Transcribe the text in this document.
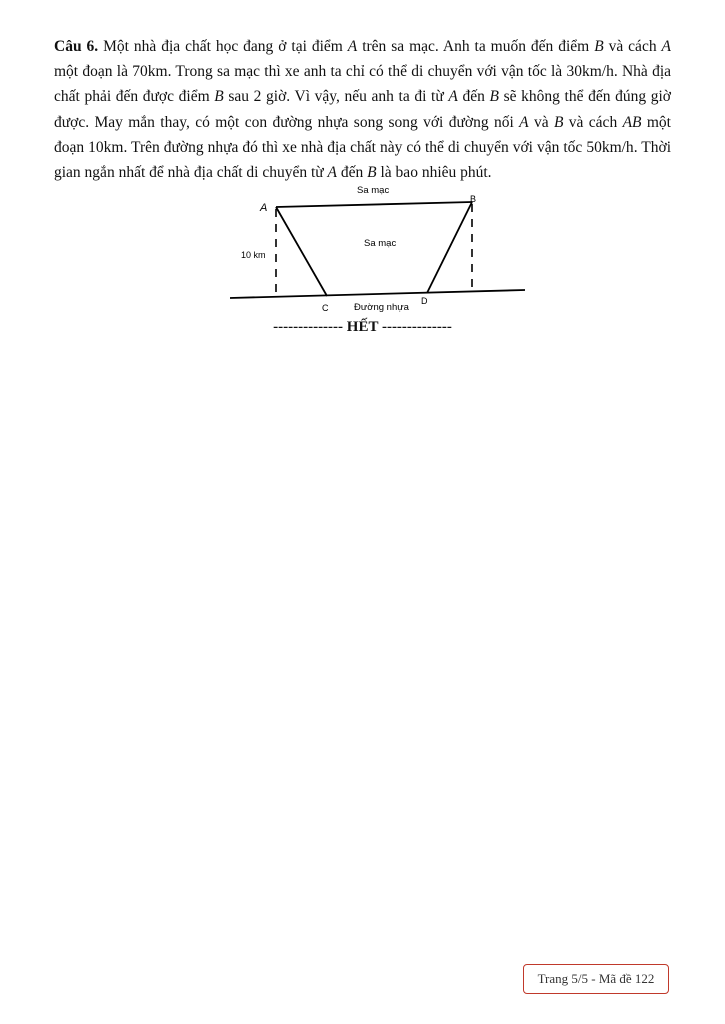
Câu 6. Một nhà địa chất học đang ở tại điểm A trên sa mạc. Anh ta muốn đến điểm B và cách A một đoạn là 70km. Trong sa mạc thì xe anh ta chỉ có thể di chuyển với vận tốc là 30km/h. Nhà địa chất phải đến được điểm B sau 2 giờ. Vì vậy, nếu anh ta đi từ A đến B sẽ không thể đến đúng giờ được. May mắn thay, có một con đường nhựa song song với đường nối A và B và cách AB một đoạn 10km. Trên đường nhựa đó thì xe nhà địa chất này có thể di chuyển với vận tốc 50km/h. Thời gian ngắn nhất để nhà địa chất di chuyển từ A đến B là bao nhiêu phút.
A
B
C
D
Sa mạc
Sa mạc
10 km
Đường nhựa
-------------- HẾT --------------
Trang 5/5 - Mã đề 122
